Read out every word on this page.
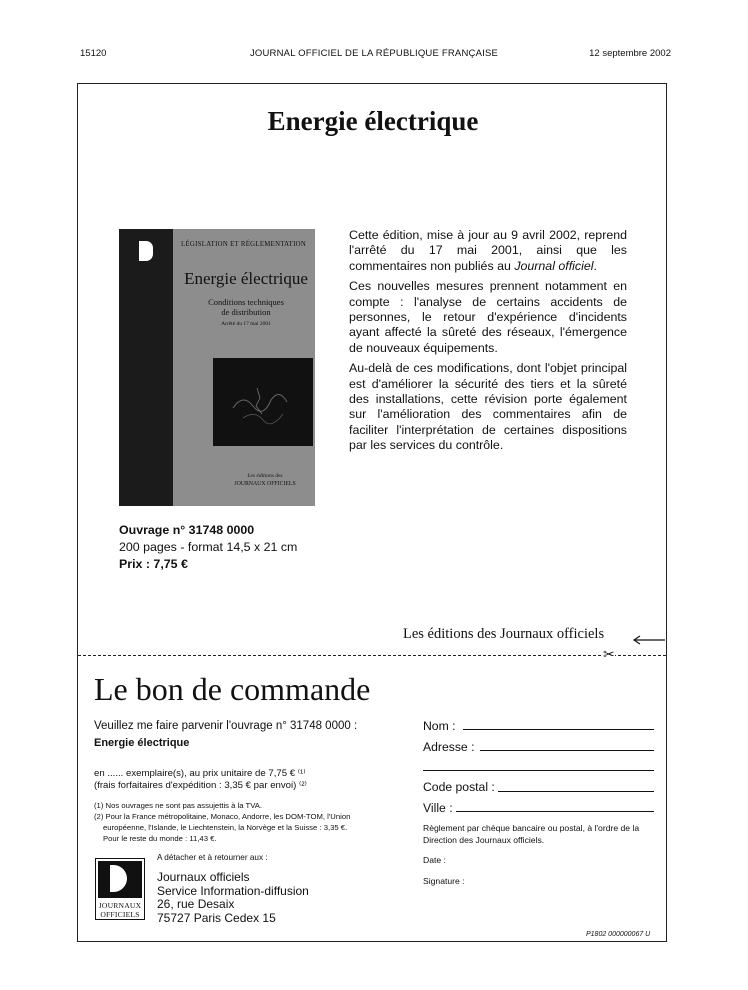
15120	JOURNAL OFFICIEL DE LA RÉPUBLIQUE FRANÇAISE	12 septembre 2002
Energie électrique
LÉGISLATION ET RÉGLEMENTATION
Energie électrique
Conditions techniques
de distribution
Arrêté du 17 mai 2001
Les éditions des
JOURNAUX OFFICIELS

Cette édition, mise à jour au 9 avril 2002, reprend l'arrêté du 17 mai 2001, ainsi que les commentaires non publiés au Journal officiel.

Ces nouvelles mesures prennent notamment en compte : l'analyse de certains accidents de personnes, le retour d'expérience d'incidents ayant affecté la sûreté des réseaux, l'émergence de nouveaux équipements.

Au-delà de ces modifications, dont l'objet principal est d'améliorer la sécurité des tiers et la sûreté des installations, cette révision porte également sur l'amélioration des commentaires afin de faciliter l'interprétation de certaines dispositions par les services du contrôle.

Ouvrage n° 31748 0000
200 pages - format 14,5 x 21 cm
Prix : 7,75 €
Les éditions des Journaux officiels
✂
Le bon de commande
Veuillez me faire parvenir l'ouvrage n° 31748 0000 :
Energie électrique
en ...... exemplaire(s), au prix unitaire de 7,75 € ⁽¹⁾
(frais forfaitaires d'expédition : 3,35 € par envoi) ⁽²⁾
(1) Nos ouvrages ne sont pas assujettis à la TVA.
(2) Pour la France métropolitaine, Monaco, Andorre, les DOM-TOM, l'Union
européenne, l'Islande, le Liechtenstein, la Norvège et la Suisse : 3,35 €.
Pour le reste du monde : 11,43 €.
JOURNAUX
OFFICIELS
A détacher et à retourner aux :
Journaux officiels
Service Information-diffusion
26, rue Desaix
75727 Paris Cedex 15
Nom :
Adresse :
Code postal :
Ville :
Règlement par chèque bancaire ou postal, à l'ordre de la Direction des Journaux officiels.
Date :
Signature :
P1802 000000067 U
